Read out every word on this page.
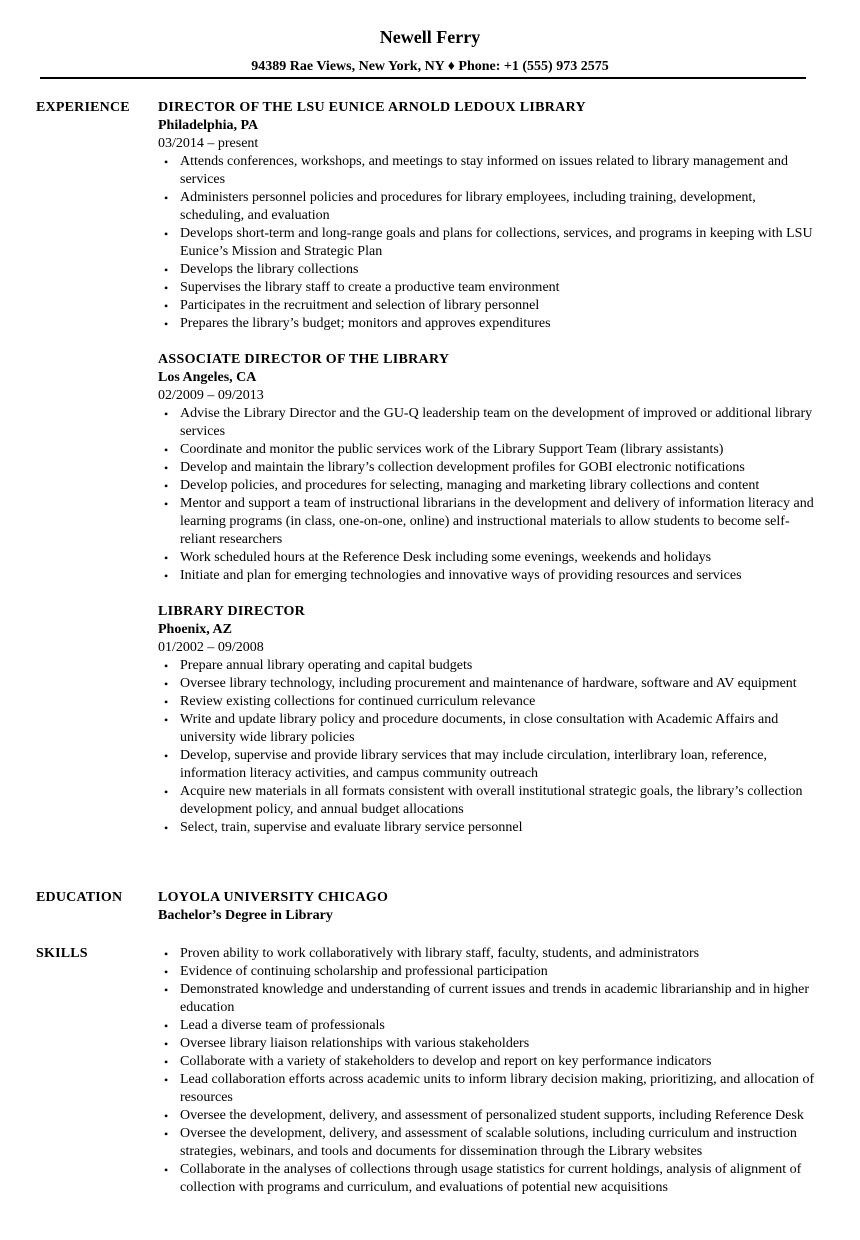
Newell Ferry
94389 Rae Views, New York, NY ♦ Phone: +1 (555) 973 2575
EXPERIENCE DIRECTOR OF THE LSU EUNICE ARNOLD LEDOUX LIBRARY
Philadelphia, PA
03/2014 – present
• Attends conferences, workshops, and meetings to stay informed on issues related to library management and services
• Administers personnel policies and procedures for library employees, including training, development, scheduling, and evaluation
• Develops short-term and long-range goals and plans for collections, services, and programs in keeping with LSU Eunice’s Mission and Strategic Plan
• Develops the library collections
• Supervises the library staff to create a productive team environment
• Participates in the recruitment and selection of library personnel
• Prepares the library’s budget; monitors and approves expenditures
ASSOCIATE DIRECTOR OF THE LIBRARY
Los Angeles, CA
02/2009 – 09/2013
• Advise the Library Director and the GU-Q leadership team on the development of improved or additional library services
• Coordinate and monitor the public services work of the Library Support Team (library assistants)
• Develop and maintain the library’s collection development profiles for GOBI electronic notifications
• Develop policies, and procedures for selecting, managing and marketing library collections and content
• Mentor and support a team of instructional librarians in the development and delivery of information literacy and learning programs (in class, one-on-one, online) and instructional materials to allow students to become self-reliant researchers
• Work scheduled hours at the Reference Desk including some evenings, weekends and holidays
• Initiate and plan for emerging technologies and innovative ways of providing resources and services
LIBRARY DIRECTOR
Phoenix, AZ
01/2002 – 09/2008
• Prepare annual library operating and capital budgets
• Oversee library technology, including procurement and maintenance of hardware, software and AV equipment
• Review existing collections for continued curriculum relevance
• Write and update library policy and procedure documents, in close consultation with Academic Affairs and university wide library policies
• Develop, supervise and provide library services that may include circulation, interlibrary loan, reference, information literacy activities, and campus community outreach
• Acquire new materials in all formats consistent with overall institutional strategic goals, the library’s collection development policy, and annual budget allocations
• Select, train, supervise and evaluate library service personnel
EDUCATION	LOYOLA UNIVERSITY CHICAGO
Bachelor’s Degree in Library
SKILLS
•	Proven ability to work collaboratively with library staff, faculty, students, and administrators
• Evidence of continuing scholarship and professional participation
• Demonstrated knowledge and understanding of current issues and trends in academic librarianship and in higher education
• Lead a diverse team of professionals
• Oversee library liaison relationships with various stakeholders
• Collaborate with a variety of stakeholders to develop and report on key performance indicators
• Lead collaboration efforts across academic units to inform library decision making, prioritizing, and allocation of resources
• Oversee the development, delivery, and assessment of personalized student supports, including Reference Desk
• Oversee the development, delivery, and assessment of scalable solutions, including curriculum and instruction strategies, webinars, and tools and documents for dissemination through the Library websites
• Collaborate in the analyses of collections through usage statistics for current holdings, analysis of alignment of collection with programs and curriculum, and evaluations of potential new acquisitions
